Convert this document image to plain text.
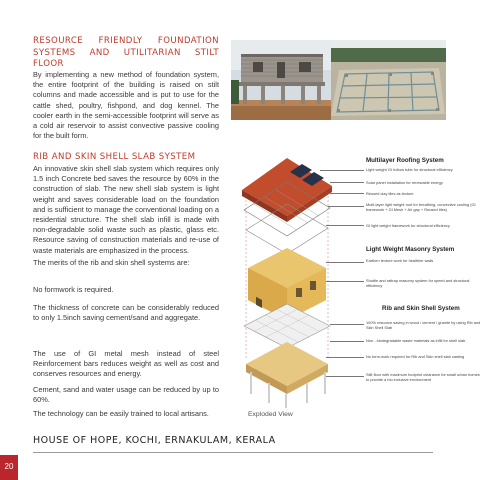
RESOURCE FRIENDLY FOUNDATION SYSTEMS AND UTILITARIAN STILT FLOOR
By implementing a new method of foundation system, the entire footprint of the building is raised on stilt columns and made accessible and is put to use for the cattle shed, poultry, fishpond, and dog kennel. The cooler earth in the semi-accessible footprint will serve as a cold air reservoir to assist convective passive cooling for the built form.
RIB AND SKIN SHELL SLAB SYSTEM
An innovative skin shell slab system which requires only 1.5 inch Concrete bed saves the resource by 60% in the construction of slab. The new shell slab system is light weight and saves considerable load on the foundation and is sufficient to manage the conventional loading on a residential structure. The shell slab infill is made with non-degradable solid waste such as plastic, glass etc. Resource saving of construction materials and re-use of waste materials are emphasized in the process.
The merits of the rib and skin shell systems are:
No formwork is required.
The thickness of concrete can be considerably reduced to only 1.5inch saving cement/sand and aggregate.
The use of GI metal mesh instead of steel Reinforcement bars reduces weight as well as cost and conserves resources and energy.
Cement, sand and water usage can be reduced by up to 60%.
The technology can be easily trained to local artisans.
Multilayer Roofing System
Light weight GI hollow tube for structural efficiency
Solar panel installation for renewable energy
Reused clay tiles as texture
Multi-layer light weight roof for breathing, convective cooling (GI framework + GI Mesh + Air gap + Reused tiles)
GI light weight framework for structural efficiency
Light Weight Masonry System
Earthen texture work for healthier walls
Shuttle and rattrap masonry system for speed and structural efficiency
Rib and Skin Shell System
100% resource saving in wood / cement / granite by using Rib and Skin Shell Slab
Non - biodegradable waste materials as infill for shell slab
No form-work required for Rib and Skin shell slab casting
Stilt floor with maximum footprint clearance for small urban homes to provide a bio inclusive environment
Exploded View
HOUSE OF HOPE, KOCHI, ERNAKULAM, KERALA
20
